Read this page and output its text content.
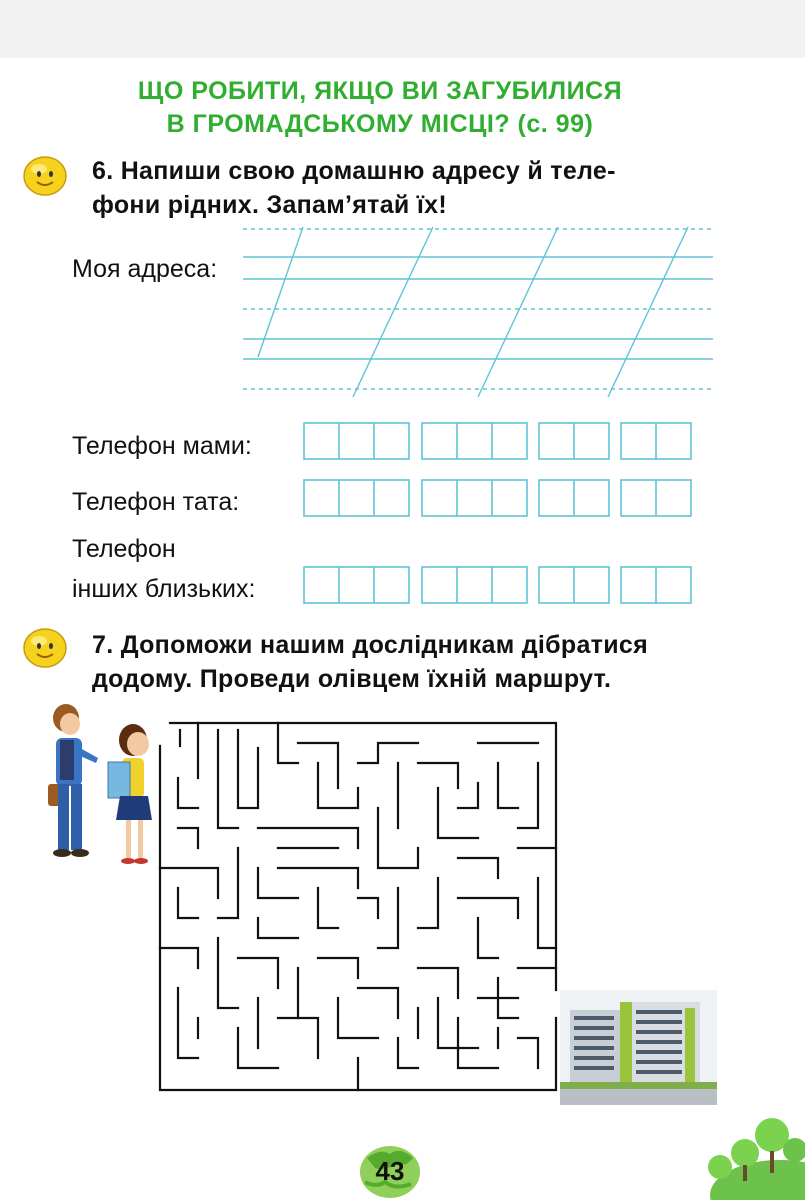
ЩО РОБИТИ, ЯКЩО ВИ ЗАГУБИЛИСЯ
В ГРОМАДСЬКОМУ МІСЦІ? (с. 99)
6. Напиши свою домашню адресу й теле-
фони рідних. Запам’ятай їх!
Моя адреса:
Телефон мами:
Телефон тата:
Телефон
інших близьких:
7. Допоможи нашим дослідникам дібратися
додому. Проведи олівцем їхній маршрут.
43
